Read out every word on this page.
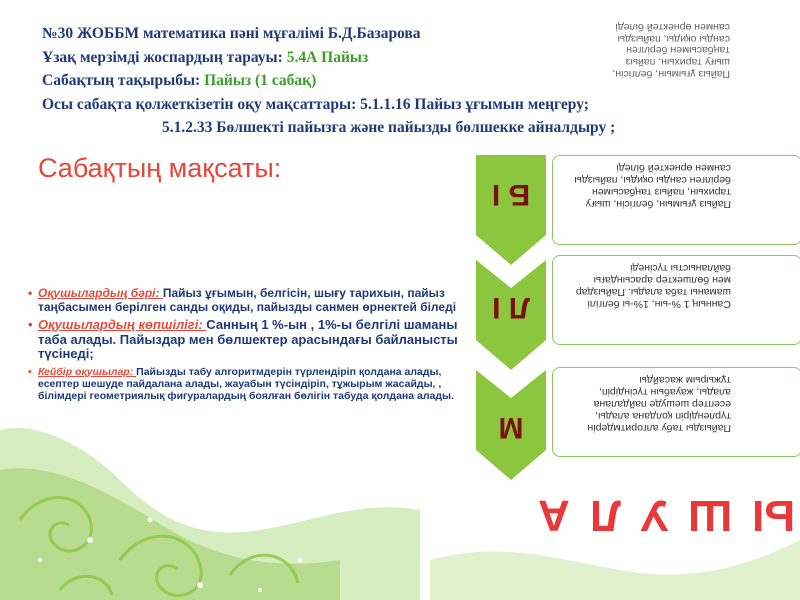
№30 ЖОББМ математика пәні мұғалімі Б.Д.Базарова
Ұзақ мерзімді жоспардың тарауы: 5.4А Пайыз
Сабақтың тақырыбы: Пайыз (1 сабақ)
Осы сабақта қолжеткізетін оқу мақсаттары: 5.1.1.16 Пайыз ұғымын меңгеру;
5.1.2.33 Бөлшекті пайызға және пайызды бөлшекке айналдыру ;
Сабақтың мақсаты:
• Оқушылардың бәрі: Пайыз ұғымын, белгісін, шығу тарихын, пайыз таңбасымен берілген санды оқиды, пайызды санмен өрнектей біледі
• Оқушылардың көпшілігі: Санның 1 %-ын , 1%-ы белгілі шаманы таба алады. Пайыздар мен бөлшектер арасындағы байланысты түсінеді;
• Кейбір оқушылар: Пайызды табу алгоритмдерін түрлендіріп қолдана алады, есептер шешуде пайдалана алады, жауабын түсіндіріп, тұжырым жасайды, , білімдері геометриялық фигуралардың боялған бөлігін табуда қолдана алады.
Пайыз ұғымын, белгісін, шығу тарихын, пайыз таңбасымен берілген санды оқиды, пайызды санмен өрнектей біледі
Пайыз ұғымын, белгісін, шығу тарихын, пайыз таңбасымен берілген санды оқиды, пайызды санмен өрнектей біледі
Б І
Санның 1 %-ын, 1%-ы белгілі шаманы таба алады. Пайыздар мен бөлшектер арасындағы байланысты түсінеді
Л І
Пайызды табу алгоритмдерін түрлендіріп қолдана алады, есептер шешуде пайдалана алады, жауабын түсіндіріп, тұжырым жасайды
М
А Л У Ш Ы
